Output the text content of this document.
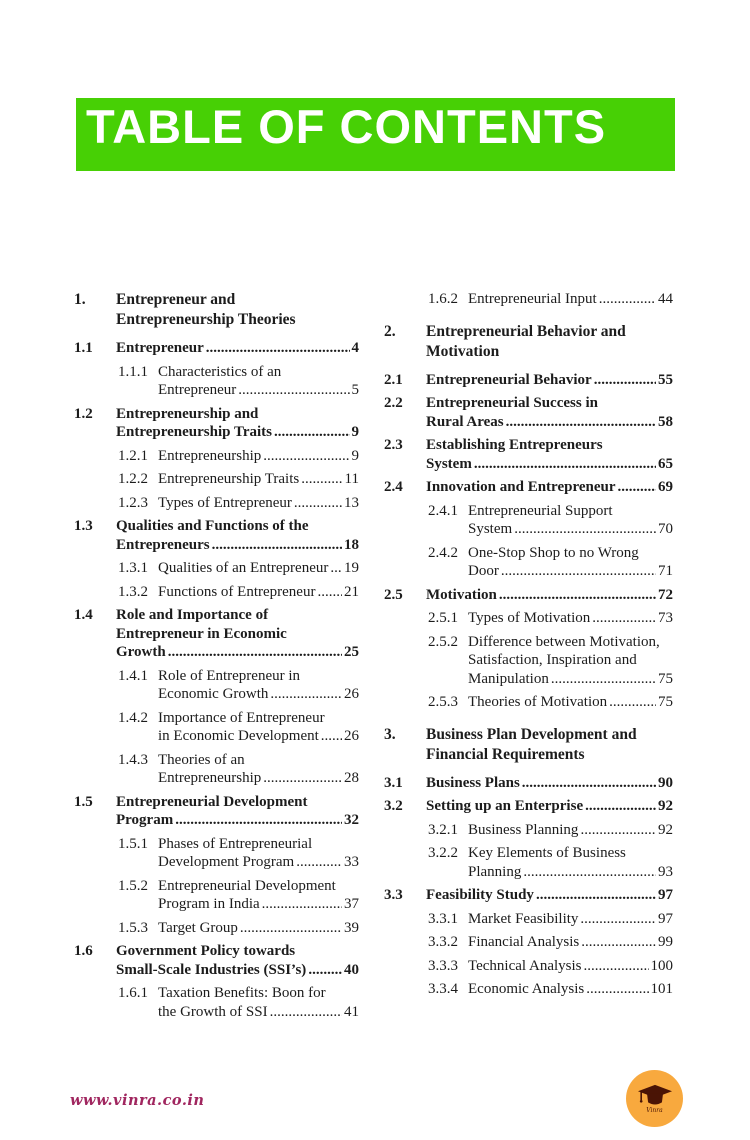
TABLE OF CONTENTS
1.	Entrepreneur and
Entrepreneurship Theories
1.1	Entrepreneur .....	4
1.1.1 Characteristics of an
Entrepreneur .....	5
1.2	Entrepreneurship and
Entrepreneurship Traits .....	9
1.2.1 Entrepreneurship .....	9
1.2.2 Entrepreneurship Traits .....	11
1.2.3 Types of Entrepreneur .....	13
1.3	Qualities and Functions of the
Entrepreneurs .....	18
1.3.1 Qualities of an Entrepreneur ..... 19
1.3.2 Functions of Entrepreneur ..... 21
1.4	Role and Importance of
Entrepreneur in Economic
Growth .....	25
1.4.1 Role of Entrepreneur in
Economic Growth .....	26
1.4.2 Importance of Entrepreneur
in Economic Development ..... 26
1.4.3 Theories of an
Entrepreneurship .....	28
1.5	Entrepreneurial Development
Program .....	32
1.5.1 Phases of Entrepreneurial
Development Program .....	33
1.5.2 Entrepreneurial Development
Program in India .....	37
1.5.3 Target Group .....	39
1.6	Government Policy towards
Small-Scale Industries (SSI’s) .....	40
1.6.1 Taxation Benefits: Boon for
the Growth of SSI .....	41
1.6.2 Entrepreneurial Input .....	44
2.	Entrepreneurial Behavior and
Motivation
2.1	Entrepreneurial Behavior .....	55
2.2	Entrepreneurial Success in
Rural Areas .....	58
2.3	Establishing Entrepreneurs
System .....	65
2.4	Innovation and Entrepreneur .....	69
2.4.1 Entrepreneurial Support
System .....	70
2.4.2 One-Stop Shop to no Wrong
Door .....	71
2.5	Motivation .....	72
2.5.1 Types of Motivation .....	73
2.5.2 Difference between Motivation,
Satisfaction, Inspiration and
Manipulation .....	75
2.5.3 Theories of Motivation .....	75
3.	Business Plan Development and
Financial Requirements
3.1	Business Plans .....	90
3.2	Setting up an Enterprise .....	92
3.2.1 Business Planning .....	92
3.2.2 Key Elements of Business
Planning .....	93
3.3	Feasibility Study .....	97
3.3.1 Market Feasibility .....	97
3.3.2 Financial Analysis .....	99
3.3.3 Technical Analysis .....	100
3.3.4 Economic Analysis .....	101
www.vinra.co.in
Vinra
